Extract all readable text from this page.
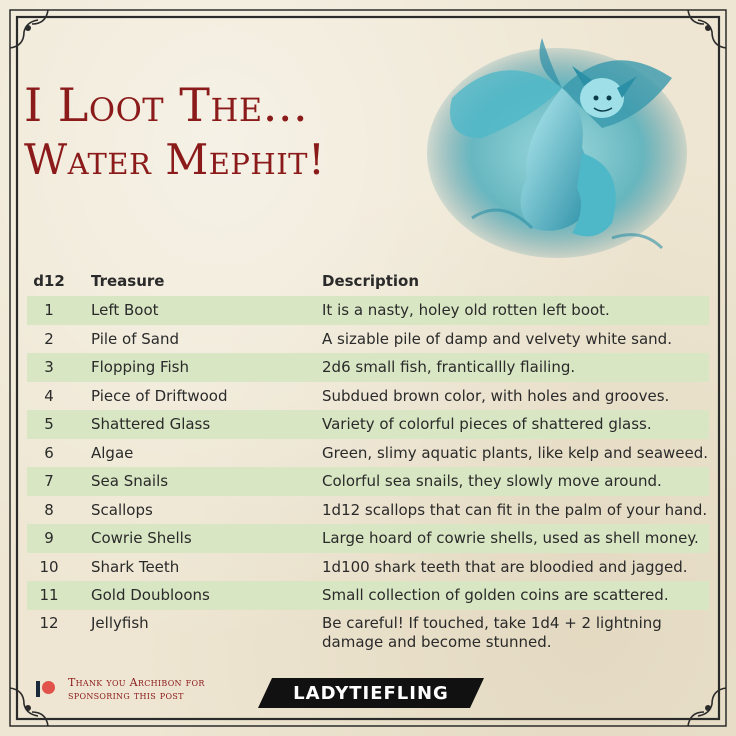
I Loot The...
Water Mephit!
d12	Treasure	Description
1	Left Boot	It is a nasty, holey old rotten left boot.
2	Pile of Sand	A sizable pile of damp and velvety white sand.
3	Flopping Fish	2d6 small fish, franticallly flailing.
4	Piece of Driftwood	Subdued brown color, with holes and grooves.
5	Shattered Glass	Variety of colorful pieces of shattered glass.
6	Algae	Green, slimy aquatic plants, like kelp and seaweed.
7	Sea Snails	Colorful sea snails, they slowly move around.
8	Scallops	1d12 scallops that can fit in the palm of your hand.
9	Cowrie Shells	Large hoard of cowrie shells, used as shell money.
10	Shark Teeth	1d100 shark teeth that are bloodied and jagged.
11	Gold Doubloons	Small collection of golden coins are scattered.
12	Jellyfish	Be careful! If touched, take 1d4 + 2 lightning damage and become stunned.
Thank you Archibon for
sponsoring this post	LADYTIEFLING
